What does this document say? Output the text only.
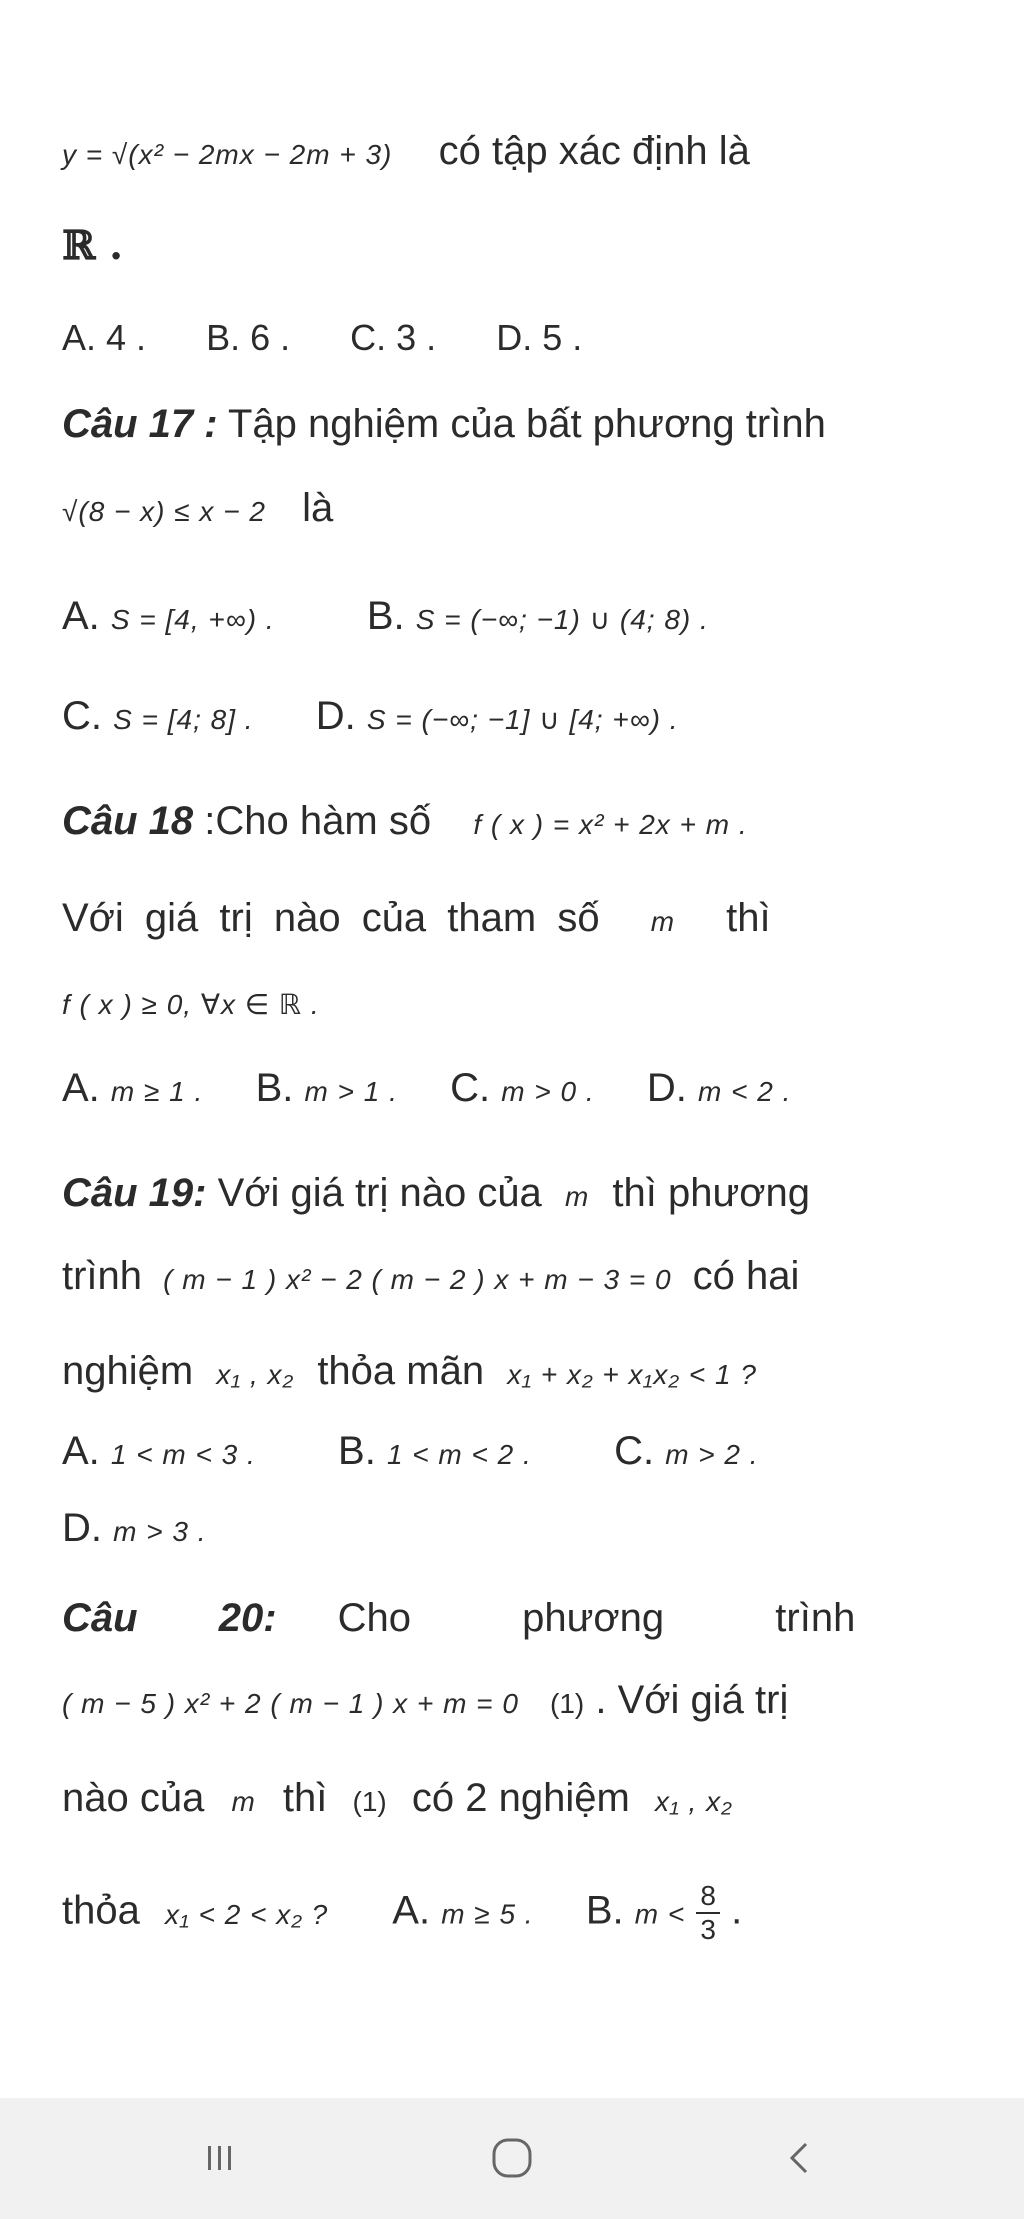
y = √(x² − 2mx − 2m + 3) có tập xác định là
ℝ .
A. 4 . B. 6 . C. 3 . D. 5 .
Câu 17 : Tập nghiệm của bất phương trình
√(8 − x) ≤ x − 2 là
A. S = [4, +∞) . B. S = (−∞; −1) ∪ (4; 8) .
C. S = [4; 8] . D. S = (−∞; −1] ∪ [4; +∞) .
Câu 18 :Cho hàm số f ( x ) = x² + 2x + m .
Với giá trị nào của tham số m thì
f ( x ) ≥ 0, ∀x ∈ ℝ .
A. m ≥ 1 . B. m > 1 . C. m > 0 . D. m < 2 .
Câu 19: Với giá trị nào của m thì phương
trình ( m − 1 ) x² − 2 ( m − 2 ) x + m − 3 = 0 có hai
nghiệm x₁ , x₂ thỏa mãn x₁ + x₂ + x₁x₂ < 1 ?
A. 1 < m < 3 . B. 1 < m < 2 . C. m > 2 .
D. m > 3 .
Câu 20: Cho	phương	trình
( m − 5 ) x² + 2 ( m − 1 ) x + m = 0 (1) . Với giá trị
nào của m thì (1) có 2 nghiệm x₁ , x₂
thỏa x₁ < 2 < x₂ ? A. m ≥ 5 . B. $m < \frac{8}{3}$ .
